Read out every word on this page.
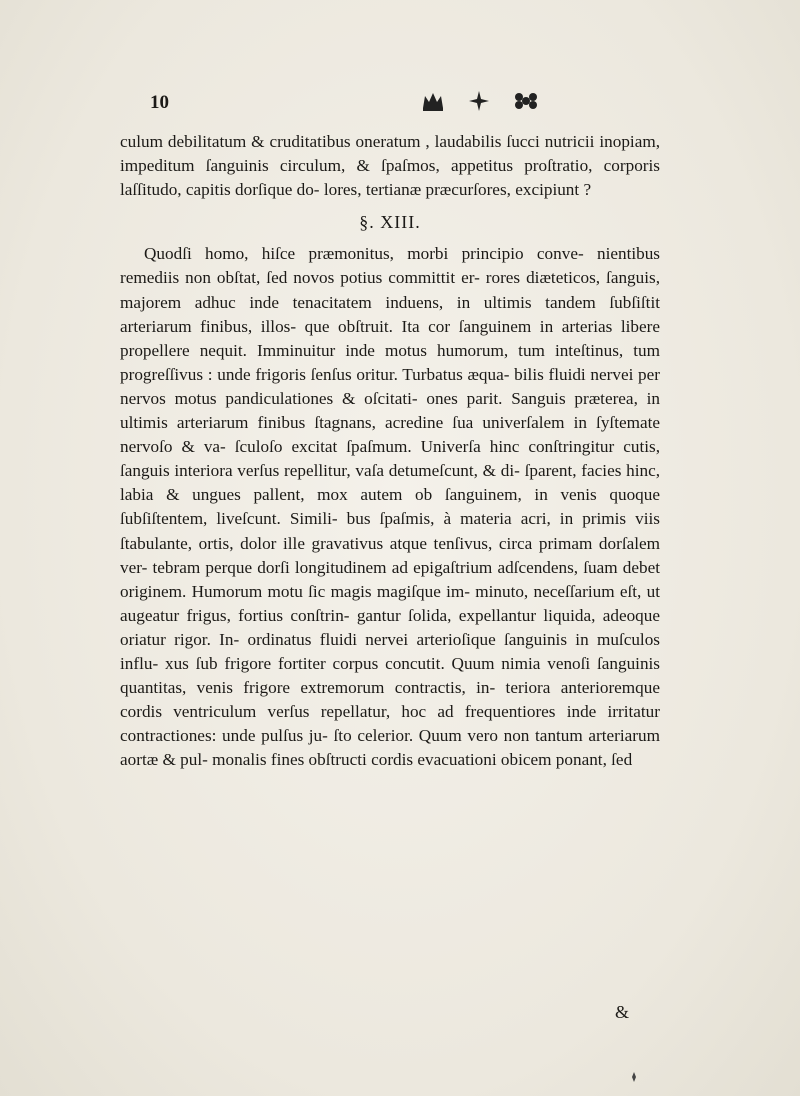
10

culum debilitatum & cruditatibus oneratum , laudabilis ſucci nutricii inopiam, impeditum ſanguinis circulum, & ſpaſmos, appetitus proſtratio, corporis laſſitudo, capitis dorſique do- lores, tertianæ præcurſores, excipiunt ?

§. XIII.

Quodſi homo, hiſce præmonitus, morbi principio conve- nientibus remediis non obſtat, ſed novos potius committit er- rores diæteticos, ſanguis, majorem adhuc inde tenacitatem induens, in ultimis tandem ſubſiſtit arteriarum finibus, illos- que obſtruit. Ita cor ſanguinem in arterias libere propellere nequit. Imminuitur inde motus humorum, tum inteſtinus, tum progreſſivus : unde frigoris ſenſus oritur. Turbatus æqua- bilis fluidi nervei per nervos motus pandiculationes & oſcitati- ones parit. Sanguis præterea, in ultimis arteriarum finibus ſtagnans, acredine ſua univerſalem in ſyſtemate nervoſo & va- ſculoſo excitat ſpaſmum. Univerſa hinc conſtringitur cutis, ſanguis interiora verſus repellitur, vaſa detumeſcunt, & di- ſparent, facies hinc, labia & ungues pallent, mox autem ob ſanguinem, in venis quoque ſubſiſtentem, liveſcunt. Simili- bus ſpaſmis, à materia acri, in primis viis ſtabulante, ortis, dolor ille gravativus atque tenſivus, circa primam dorſalem ver- tebram perque dorſi longitudinem ad epigaſtrium adſcendens, ſuam debet originem. Humorum motu ſic magis magiſque im- minuto, neceſſarium eſt, ut augeatur frigus, fortius conſtrin- gantur ſolida, expellantur liquida, adeoque oriatur rigor. In- ordinatus fluidi nervei arterioſique ſanguinis in muſculos influ- xus ſub frigore fortiter corpus concutit. Quum nimia venoſi ſanguinis quantitas, venis frigore extremorum contractis, in- teriora anterioremque cordis ventriculum verſus repellatur, hoc ad frequentiores inde irritatur contractiones: unde pulſus ju- ſto celerior. Quum vero non tantum arteriarum aortæ & pul- monalis fines obſtructi cordis evacuationi obicem ponant, ſed

&
